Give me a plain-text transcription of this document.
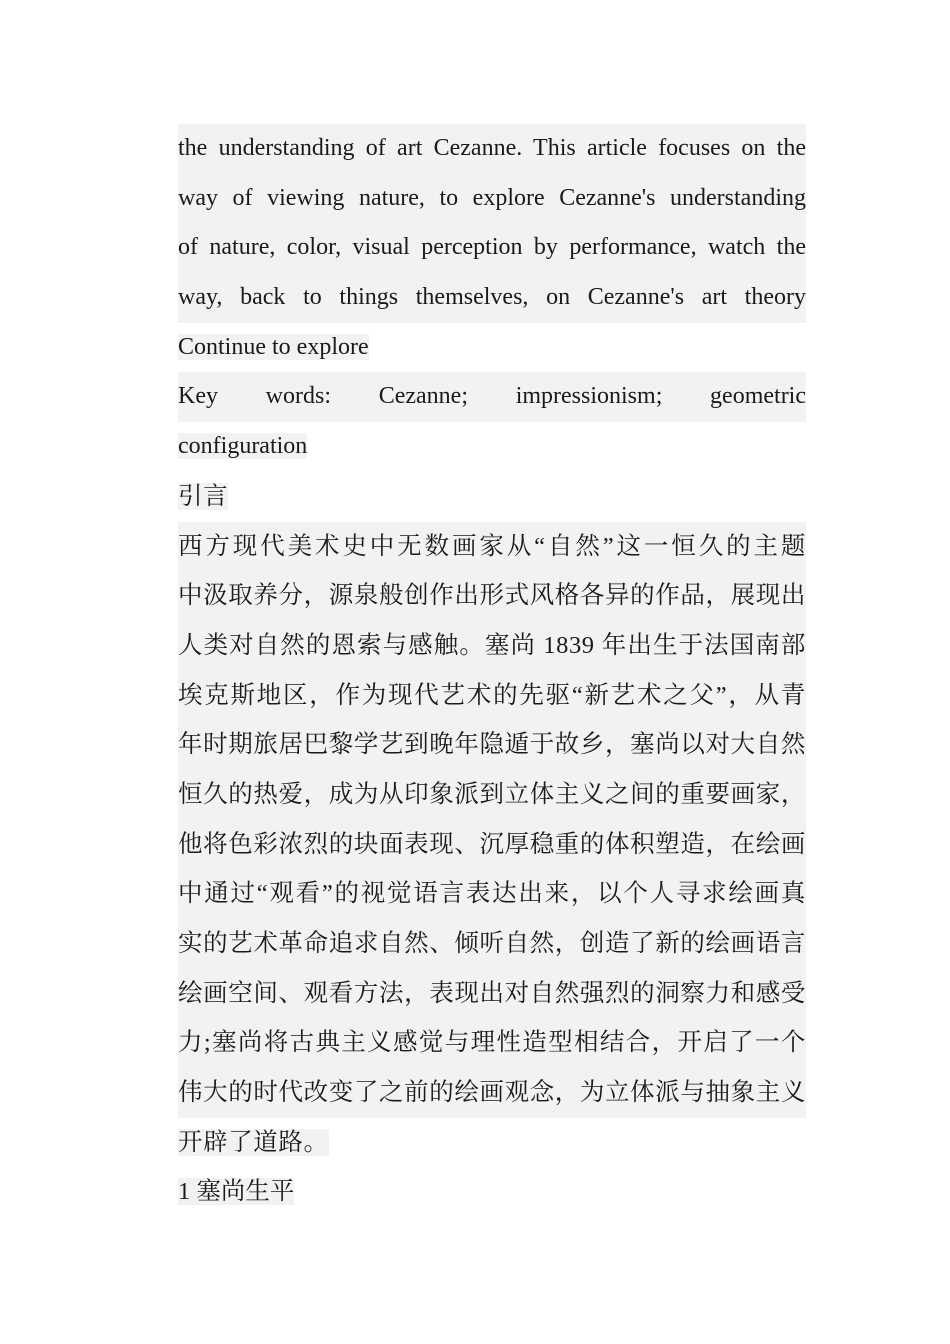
the understanding of art Cezanne. This article focuses on the
way of viewing nature, to explore Cezanne's understanding
of nature, color, visual perception by performance, watch the
way, back to things themselves, on Cezanne's art theory
Continue to explore
Key words: Cezanne; impressionism; geometric
configuration
引言
西方现代美术史中无数画家从“自然”这一恒久的主题
中汲取养分，源泉般创作出形式风格各异的作品，展现出
人类对自然的恩索与感触。塞尚 1839 年出生于法国南部
埃克斯地区，作为现代艺术的先驱“新艺术之父”，从青
年时期旅居巴黎学艺到晚年隐遁于故乡，塞尚以对大自然
恒久的热爱，成为从印象派到立体主义之间的重要画家，
他将色彩浓烈的块面表现、沉厚稳重的体积塑造，在绘画
中通过“观看”的视觉语言表达出来，以个人寻求绘画真
实的艺术革命追求自然、倾听自然，创造了新的绘画语言
绘画空间、观看方法，表现出对自然强烈的洞察力和感受
力;塞尚将古典主义感觉与理性造型相结合，开启了一个
伟大的时代改变了之前的绘画观念，为立体派与抽象主义
开辟了道路。
1 塞尚生平
